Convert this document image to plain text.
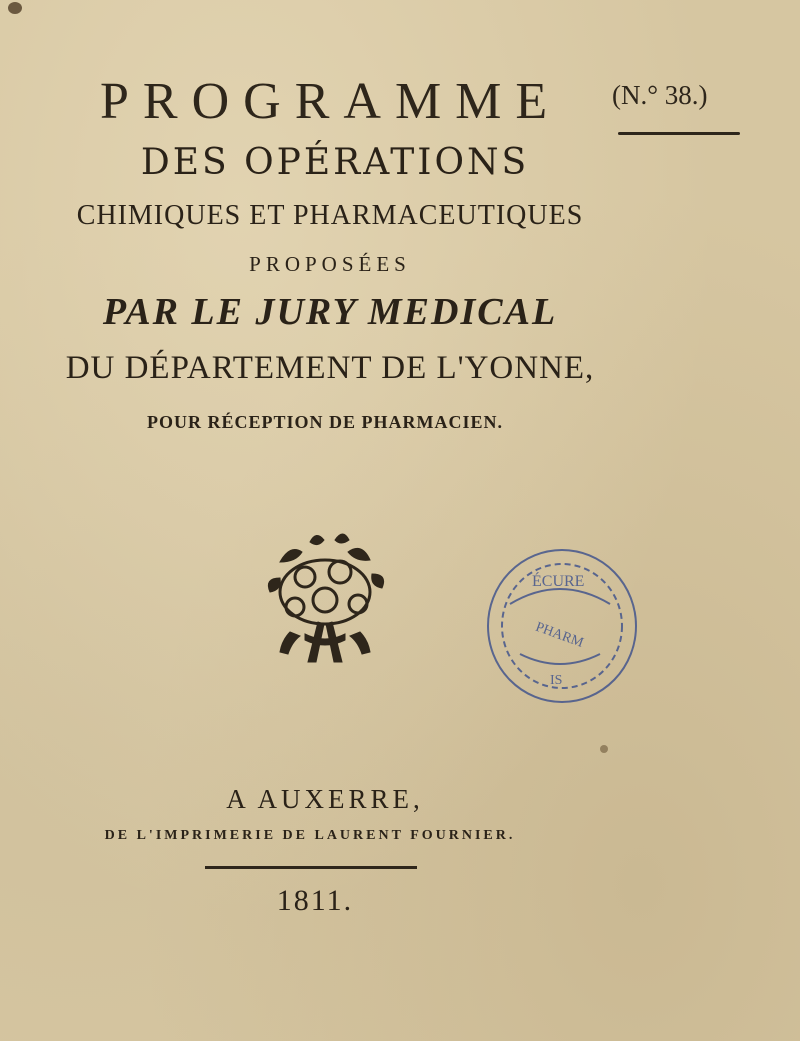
PROGRAMME	(N.° 38.)
DES OPÉRATIONS
CHIMIQUES ET PHARMACEUTIQUES
PROPOSÉES
PAR LE JURY MEDICAL
DU DÉPARTEMENT DE L'YONNE,
POUR RÉCEPTION DE PHARMACIEN.
ÉCURE
PHARM
IS
A AUXERRE,
DE L'IMPRIMERIE DE LAURENT FOURNIER.
1811.
